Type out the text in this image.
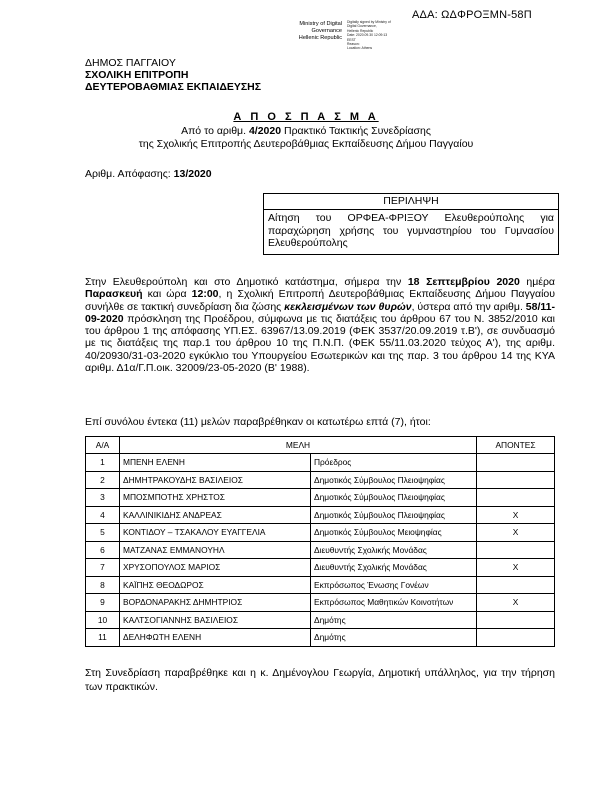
ΑΔΑ: ΩΔΦΡΟΞΜΝ-58Π
Ministry of Digital
Governance
Hellenic Republic
Digitally signed by Ministry of
Digital Governance,
Hellenic Republic
Date: 2020.09.30 12:09:13
EEST
Reason:
Location: Athens
ΔΗΜΟΣ ΠΑΓΓΑΙΟΥ
ΣΧΟΛΙΚΗ ΕΠΙΤΡΟΠΗ
ΔΕΥΤΕΡΟΒΑΘΜΙΑΣ ΕΚΠΑΙΔΕΥΣΗΣ
Α Π Ο Σ Π Α Σ Μ Α
Από το αριθμ. 4/2020 Πρακτικό Τακτικής Συνεδρίασης
της Σχολικής Επιτροπής Δευτεροβάθμιας Εκπαίδευσης Δήμου Παγγαίου
Αριθμ. Απόφασης: 13/2020
ΠΕΡΙΛΗΨΗ
Αίτηση του ΟΡΦΕΑ-ΦΡΙΞΟΥ Ελευθερούπολης για παραχώρηση χρήσης του γυμναστηρίου του Γυμνασίου Ελευθερούπολης
Στην Ελευθερούπολη και στο Δημοτικό κατάστημα, σήμερα την 18 Σεπτεμβρίου 2020 ημέρα Παρασκευή και ώρα 12:00, η Σχολική Επιτροπή Δευτεροβάθμιας Εκπαίδευσης Δήμου Παγγαίου συνήλθε σε τακτική συνεδρίαση δια ζώσης κεκλεισμένων των θυρών, ύστερα από την αριθμ. 58/11-09-2020 πρόσκληση της Προέδρου, σύμφωνα με τις διατάξεις του άρθρου 67 του Ν. 3852/2010 και του άρθρου 1 της απόφασης ΥΠ.ΕΣ. 63967/13.09.2019 (ΦΕΚ 3537/20.09.2019 τ.Β'), σε συνδυασμό με τις διατάξεις της παρ.1 του άρθρου 10 της Π.Ν.Π. (ΦΕΚ 55/11.03.2020 τεύχος Α'), της αριθμ. 40/20930/31-03-2020 εγκύκλιο του Υπουργείου Εσωτερικών και της παρ. 3 του άρθρου 14 της ΚΥΑ αριθμ. Δ1α/Γ.Π.οικ. 32009/23-05-2020 (Β' 1988).
Επί συνόλου έντεκα (11) μελών παραβρέθηκαν οι κατωτέρω επτά (7), ήτοι:
Α/Α	ΜΕΛΗ		ΑΠΟΝΤΕΣ
1	ΜΠΕΝΗ ΕΛΕΝΗ	Πρόεδρος	
2	ΔΗΜΗΤΡΑΚΟΥΔΗΣ ΒΑΣΙΛΕΙΟΣ	Δημοτικός Σύμβουλος Πλειοψηφίας	
3	ΜΠΟΣΜΠΟΤΗΣ ΧΡΗΣΤΟΣ	Δημοτικός Σύμβουλος Πλειοψηφίας	
4	ΚΑΛΛΙΝΙΚΙΔΗΣ ΑΝΔΡΕΑΣ	Δημοτικός Σύμβουλος Πλειοψηφίας	Χ
5	ΚΟΝΤΙΔΟΥ – ΤΣΑΚΑΛΟΥ ΕΥΑΓΓΕΛΙΑ	Δημοτικός Σύμβουλος Μειοψηφίας	Χ
6	ΜΑΤΖΑΝΑΣ ΕΜΜΑΝΟΥΗΛ	Διευθυντής Σχολικής Μονάδας	
7	ΧΡΥΣΟΠΟΥΛΟΣ ΜΑΡΙΟΣ	Διευθυντής Σχολικής Μονάδας	Χ
8	ΚΑΪΠΗΣ ΘΕΟΔΩΡΟΣ	Εκπρόσωπος Ένωσης Γονέων	
9	ΒΟΡΔΟΝΑΡΑΚΗΣ ΔΗΜΗΤΡΙΟΣ	Εκπρόσωπος Μαθητικών Κοινοτήτων	Χ
10	ΚΑΛΤΣΟΓΙΑΝΝΗΣ ΒΑΣΙΛΕΙΟΣ	Δημότης	
11	ΔΕΛΗΦΩΤΗ ΕΛΕΝΗ	Δημότης	
Στη Συνεδρίαση παραβρέθηκε και η κ. Δημένογλου Γεωργία, Δημοτική υπάλληλος, για την τήρηση των πρακτικών.
